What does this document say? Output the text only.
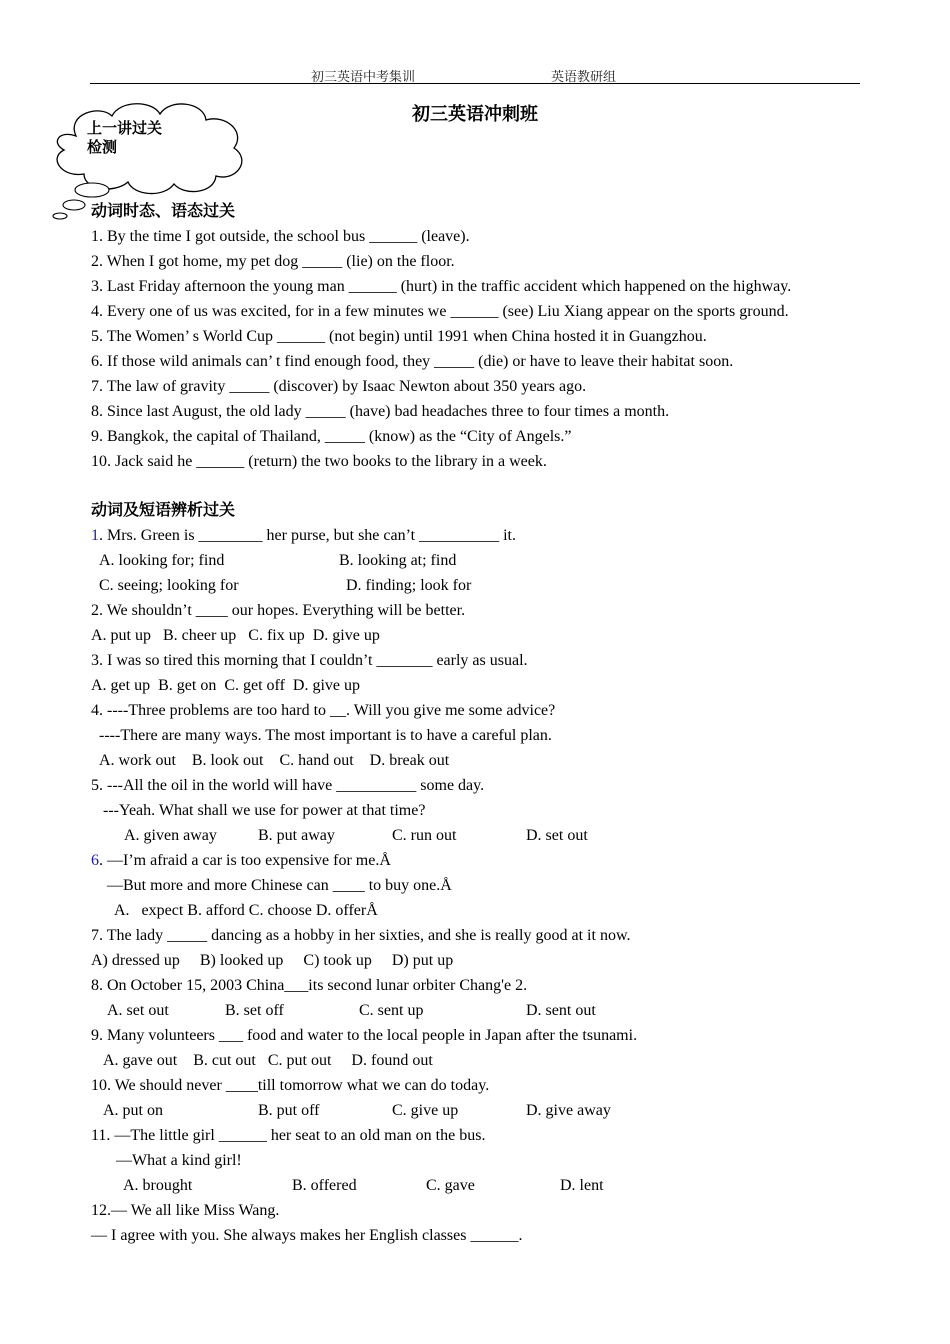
初三英语中考集训	英语教研组
初三英语冲刺班
上一讲过关
检测
动词时态、语态过关
1. By the time I got outside, the school bus ______ (leave).
2. When I got home, my pet dog _____ (lie) on the floor.
3. Last Friday afternoon the young man ______ (hurt) in the traffic accident which happened on the highway.
4. Every one of us was excited, for in a few minutes we ______ (see) Liu Xiang appear on the sports ground.
5. The Women’ s World Cup ______ (not begin) until 1991 when China hosted it in Guangzhou.
6. If those wild animals can’ t find enough food, they _____ (die) or have to leave their habitat soon.
7. The law of gravity _____ (discover) by Isaac Newton about 350 years ago.
8. Since last August, the old lady _____ (have) bad headaches three to four times a month.
9. Bangkok, the capital of Thailand, _____ (know) as the “City of Angels.”
10. Jack said he ______ (return) the two books to the library in a week.
动词及短语辨析过关
1. Mrs. Green is ________ her purse, but she can’t __________ it.
A. looking for; find	B. looking at; find
C. seeing; looking for	D. finding; look for
2. We shouldn’t ____ our hopes. Everything will be better.
A. put up   B. cheer up   C. fix up  D. give up
3. I was so tired this morning that I couldn’t _______ early as usual.
A. get up  B. get on  C. get off  D. give up
4. ----Three problems are too hard to __. Will you give me some advice?
----There are many ways. The most important is to have a careful plan.
A. work out    B. look out    C. hand out    D. break out
5. ---All the oil in the world will have __________ some day.
---Yeah. What shall we use for power at that time?
A. given away	B. put away	C. run out	D. set out
6. —I’m afraid a car is too expensive for me.Å
—But more and more Chinese can ____ to buy one.Å
A.   expect B. afford C. choose D. offerÅ
7. The lady _____ dancing as a hobby in her sixties, and she is really good at it now.
A) dressed up     B) looked up     C) took up     D) put up
8. On October 15, 2003 China___its second lunar orbiter Chang'e 2.
A. set out	B. set off	C. sent up	D. sent out
9. Many volunteers ___ food and water to the local people in Japan after the tsunami.
A. gave out    B. cut out   C. put out     D. found out
10. We should never ____till tomorrow what we can do today.
A. put on	B. put off	C. give up	D. give away
11. —The little girl ______ her seat to an old man on the bus.
—What a kind girl!
A. brought	B. offered	C. gave	D. lent
12.— We all like Miss Wang.
— I agree with you. She always makes her English classes ______.
